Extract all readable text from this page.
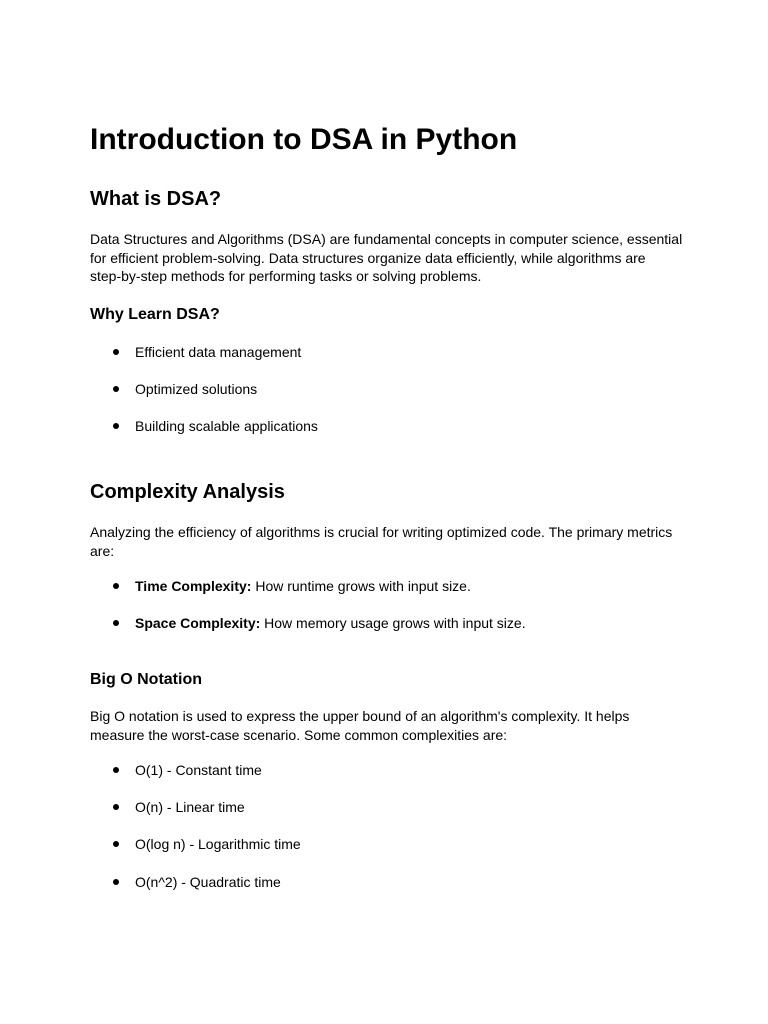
Introduction to DSA in Python
What is DSA?
Data Structures and Algorithms (DSA) are fundamental concepts in computer science, essential
for efficient problem-solving. Data structures organize data efficiently, while algorithms are
step-by-step methods for performing tasks or solving problems.
Why Learn DSA?
Efficient data management
Optimized solutions
Building scalable applications
Complexity Analysis
Analyzing the efficiency of algorithms is crucial for writing optimized code. The primary metrics
are:
Time Complexity: How runtime grows with input size.
Space Complexity: How memory usage grows with input size.
Big O Notation
Big O notation is used to express the upper bound of an algorithm's complexity. It helps
measure the worst-case scenario. Some common complexities are:
O(1) - Constant time
O(n) - Linear time
O(log n) - Logarithmic time
O(n^2) - Quadratic time
